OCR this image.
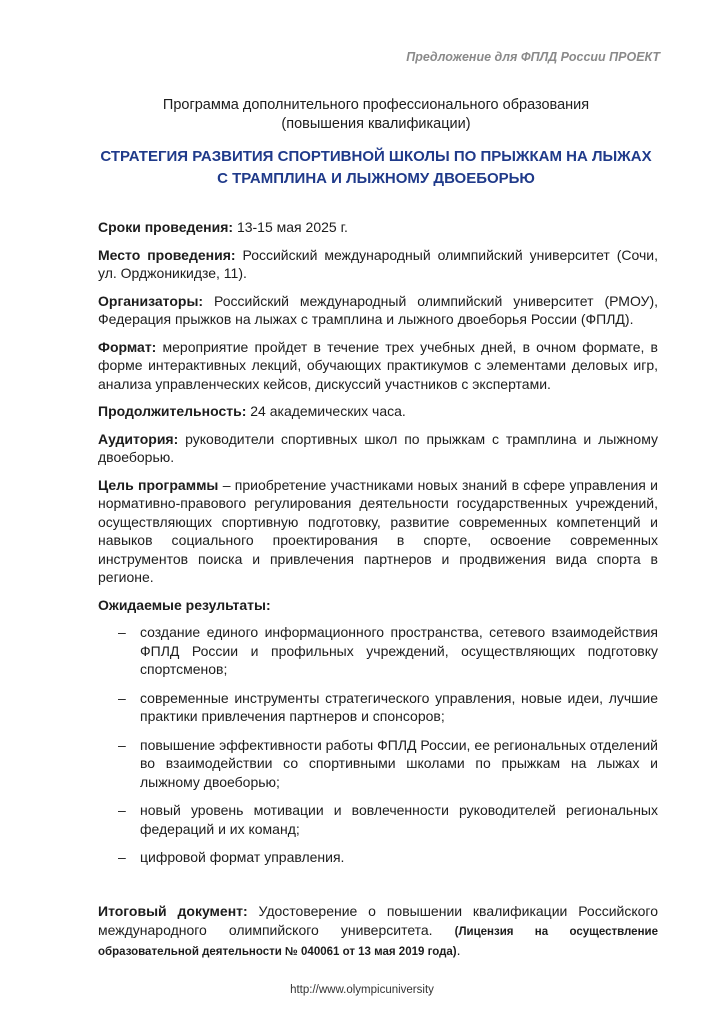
Предложение для ФПЛД России ПРОЕКТ
Программа дополнительного профессионального образования
(повышения квалификации)
СТРАТЕГИЯ РАЗВИТИЯ СПОРТИВНОЙ ШКОЛЫ ПО ПРЫЖКАМ НА ЛЫЖАХ С ТРАМПЛИНА И ЛЫЖНОМУ ДВОЕБОРЬЮ

Сроки проведения: 13-15 мая 2025 г.

Место проведения: Российский международный олимпийский университет (Сочи, ул. Орджоникидзе, 11).

Организаторы: Российский международный олимпийский университет (РМОУ), Федерация прыжков на лыжах с трамплина и лыжного двоеборья России (ФПЛД).

Формат: мероприятие пройдет в течение трех учебных дней, в очном формате, в форме интерактивных лекций, обучающих практикумов с элементами деловых игр, анализа управленческих кейсов, дискуссий участников с экспертами.

Продолжительность: 24 академических часа.

Аудитория: руководители спортивных школ по прыжкам с трамплина и лыжному двоеборью.

Цель программы – приобретение участниками новых знаний в сфере управления и нормативно-правового регулирования деятельности государственных учреждений, осуществляющих спортивную подготовку, развитие современных компетенций и навыков социального проектирования в спорте, освоение современных инструментов поиска и привлечения партнеров и продвижения вида спорта в регионе.

Ожидаемые результаты:
– создание единого информационного пространства, сетевого взаимодействия ФПЛД России и профильных учреждений, осуществляющих подготовку спортсменов;
– современные инструменты стратегического управления, новые идеи, лучшие практики привлечения партнеров и спонсоров;
– повышение эффективности работы ФПЛД России, ее региональных отделений во взаимодействии со спортивными школами по прыжкам на лыжах и лыжному двоеборью;
– новый уровень мотивации и вовлеченности руководителей региональных федераций и их команд;
– цифровой формат управления.
Итоговый документ: Удостоверение о повышении квалификации Российского международного олимпийского университета. (Лицензия на осуществление образовательной деятельности № 040061 от 13 мая 2019 года).
http://www.olympicuniversity
